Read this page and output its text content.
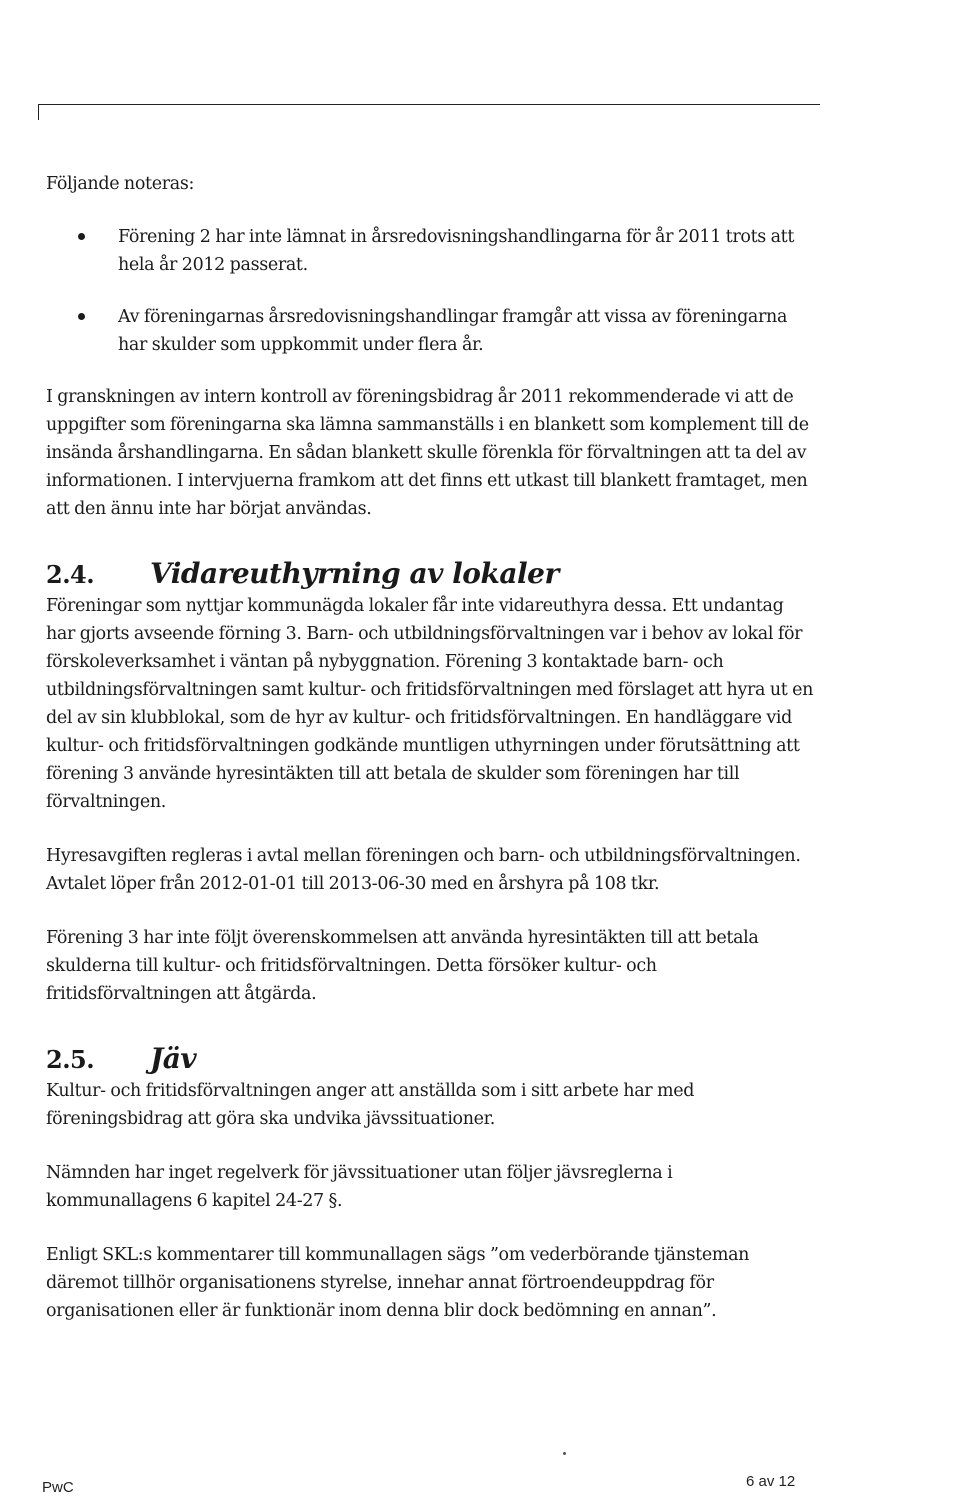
Följande noteras:

Förening 2 har inte lämnat in årsredovisningshandlingarna för år 2011 trots att hela år 2012 passerat.
Av föreningarnas årsredovisningshandlingar framgår att vissa av föreningarna har skulder som uppkommit under flera år.

I granskningen av intern kontroll av föreningsbidrag år 2011 rekommenderade vi att de uppgifter som föreningarna ska lämna sammanställs i en blankett som komplement till de insända årshandlingarna. En sådan blankett skulle förenkla för förvaltningen att ta del av informationen. I intervjuerna framkom att det finns ett utkast till blankett framtaget, men att den ännu inte har börjat användas.

2.4.	Vidareuthyrning av lokaler

Föreningar som nyttjar kommunägda lokaler får inte vidareuthyra dessa. Ett undantag har gjorts avseende förning 3. Barn- och utbildningsförvaltningen var i behov av lokal för förskoleverksamhet i väntan på nybyggnation. Förening 3 kontaktade barn- och utbildningsförvaltningen samt kultur- och fritidsförvaltningen med förslaget att hyra ut en del av sin klubblokal, som de hyr av kultur- och fritidsförvaltningen. En handläggare vid kultur- och fritidsförvaltningen godkände muntligen uthyrningen under förutsättning att förening 3 använde hyresintäkten till att betala de skulder som föreningen har till förvaltningen.

Hyresavgiften regleras i avtal mellan föreningen och barn- och utbildningsförvaltningen. Avtalet löper från 2012-01-01 till 2013-06-30 med en årshyra på 108 tkr.

Förening 3 har inte följt överenskommelsen att använda hyresintäkten till att betala skulderna till kultur- och fritidsförvaltningen. Detta försöker kultur- och fritidsförvaltningen att åtgärda.

2.5.	Jäv

Kultur- och fritidsförvaltningen anger att anställda som i sitt arbete har med föreningsbidrag att göra ska undvika jävssituationer.

Nämnden har inget regelverk för jävssituationer utan följer jävsreglerna i kommunallagens 6 kapitel 24-27 §.

Enligt SKL:s kommentarer till kommunallagen sägs ”om vederbörande tjänsteman däremot tillhör organisationens styrelse, innehar annat förtroendeuppdrag för organisationen eller är funktionär inom denna blir dock bedömning en annan”.

PwC	6 av 12
